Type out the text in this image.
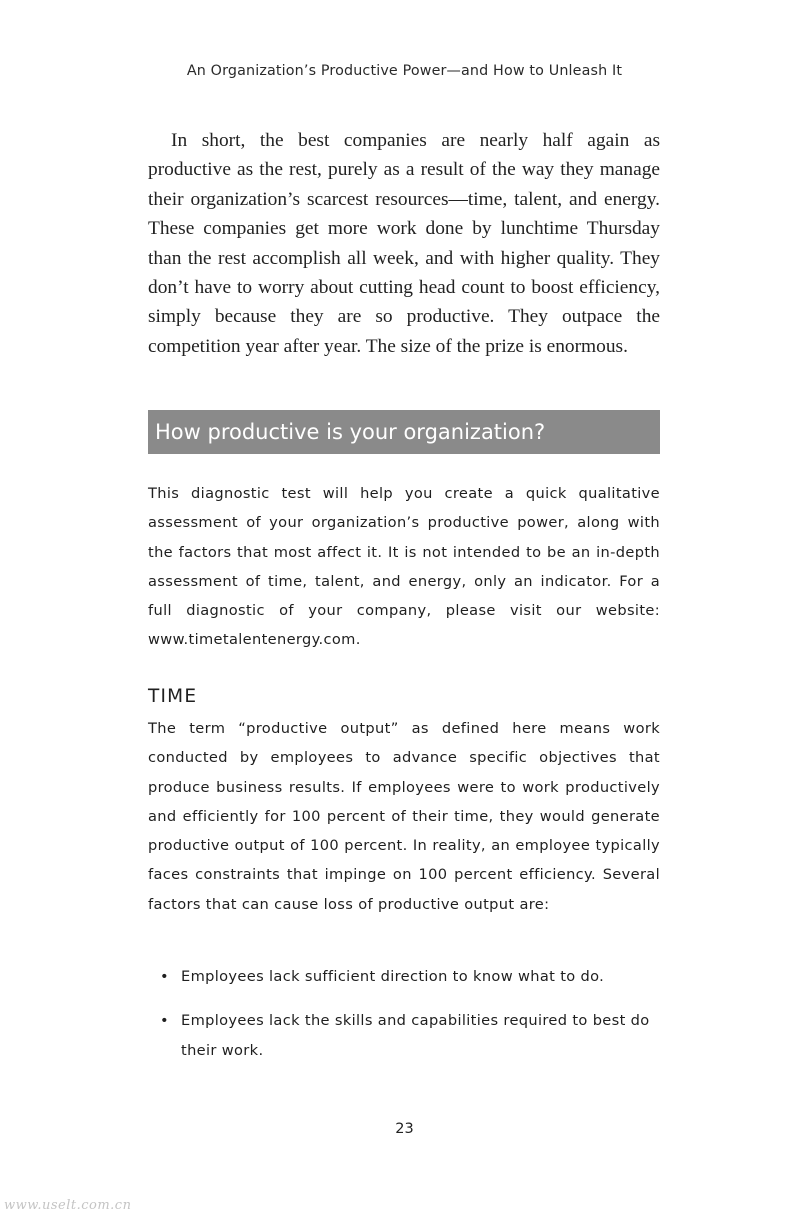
An Organization’s Productive Power—and How to Unleash It

In short, the best companies are nearly half again as productive as the rest, purely as a result of the way they manage their organization’s scarcest resources—time, talent, and energy. These companies get more work done by lunchtime Thursday than the rest accomplish all week, and with higher quality. They don’t have to worry about cutting head count to boost efficiency, simply because they are so productive. They outpace the competition year after year. The size of the prize is enormous.

How productive is your organization?

This diagnostic test will help you create a quick qualitative assessment of your organization’s productive power, along with the factors that most affect it. It is not intended to be an in-depth assessment of time, talent, and energy, only an indicator. For a full diagnostic of your company, please visit our website: www.timetalentenergy.com.

TIME

The term “productive output” as defined here means work conducted by employees to advance specific objectives that produce business results. If employees were to work productively and efficiently for 100 percent of their time, they would generate productive output of 100 percent. In reality, an employee typically faces constraints that impinge on 100 percent efficiency. Several factors that can cause loss of productive output are:

• Employees lack sufficient direction to know what to do.
• Employees lack the skills and capabilities required to best do their work.
23
www.uselt.com.cn
